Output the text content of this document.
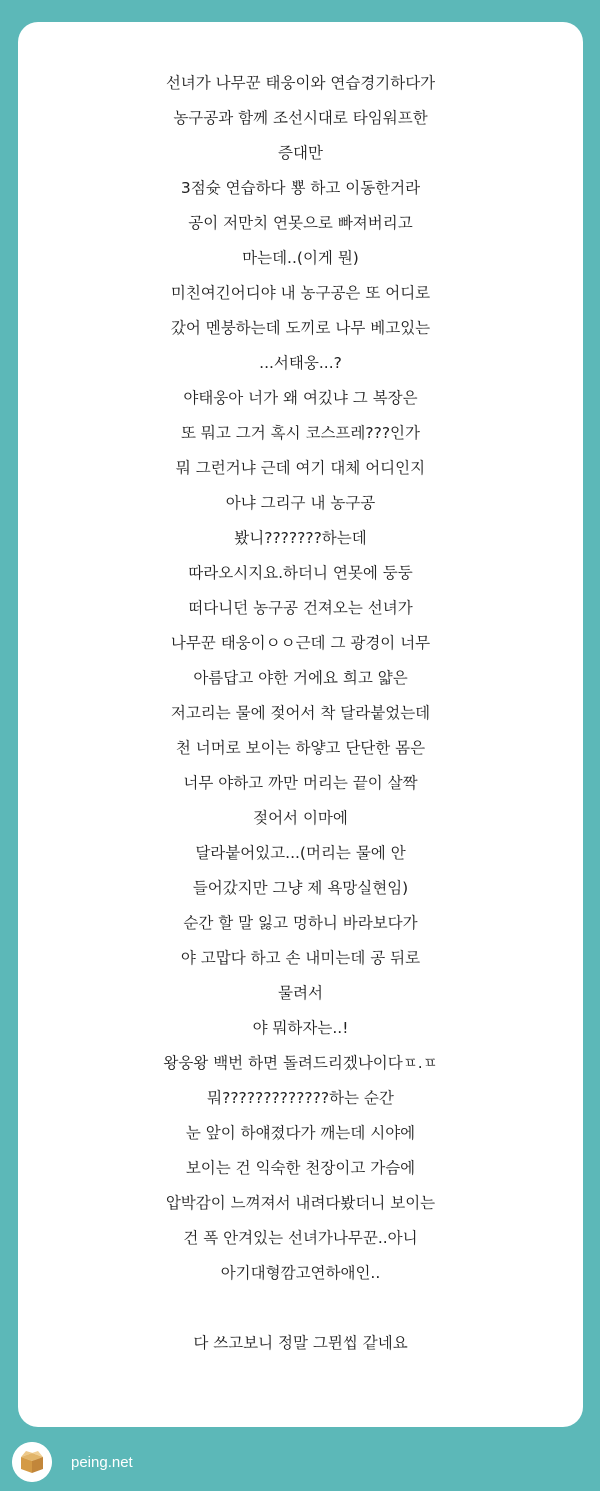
선녀가 나무꾼 태웅이와 연습경기하다가
농구공과 함께 조선시대로 타임워프한
증대만
3점슛 연습하다 뿅 하고 이동한거라
공이 저만치 연못으로 빠져버리고
마는데..(이게 뭔)
미친여긴어디야 내 농구공은 또 어디로
갔어 멘붕하는데 도끼로 나무 베고있는
...서태웅...?
야태웅아 너가 왜 여깄냐 그 복장은
또 뭐고 그거 혹시 코스프레???인가
뭐 그런거냐 근데 여기 대체 어디인지
아냐 그리구 내 농구공
봤니???????하는데
따라오시지요.하더니 연못에 둥둥
떠다니던 농구공 건져오는 선녀가
나무꾼 태웅이ㅇㅇ근데 그 광경이 너무
아름답고 야한 거에요 희고 얇은
저고리는 물에 젖어서 착 달라붙었는데
천 너머로 보이는 하얗고 단단한 몸은
너무 야하고 까만 머리는 끝이 살짝
젖어서 이마에
달라붙어있고...(머리는 물에 안
들어갔지만 그냥 제 욕망실현임)
순간 할 말 잃고 멍하니 바라보다가
야 고맙다 하고 손 내미는데 공 뒤로
물려서
야 뭐하자는..!
왕웅왕 백번 하면 돌려드리겠나이다ㅍ.ㅍ
뭐?????????????하는 순간
눈 앞이 하얘졌다가 깨는데 시야에
보이는 건 익숙한 천장이고 가슴에
압박감이 느껴져서 내려다봤더니 보이는
건 폭 안겨있는 선녀가나무꾼..아니
아기대형깜고연하애인..
다 쓰고보니 정말 그뮌씹 같네요
peing.net
